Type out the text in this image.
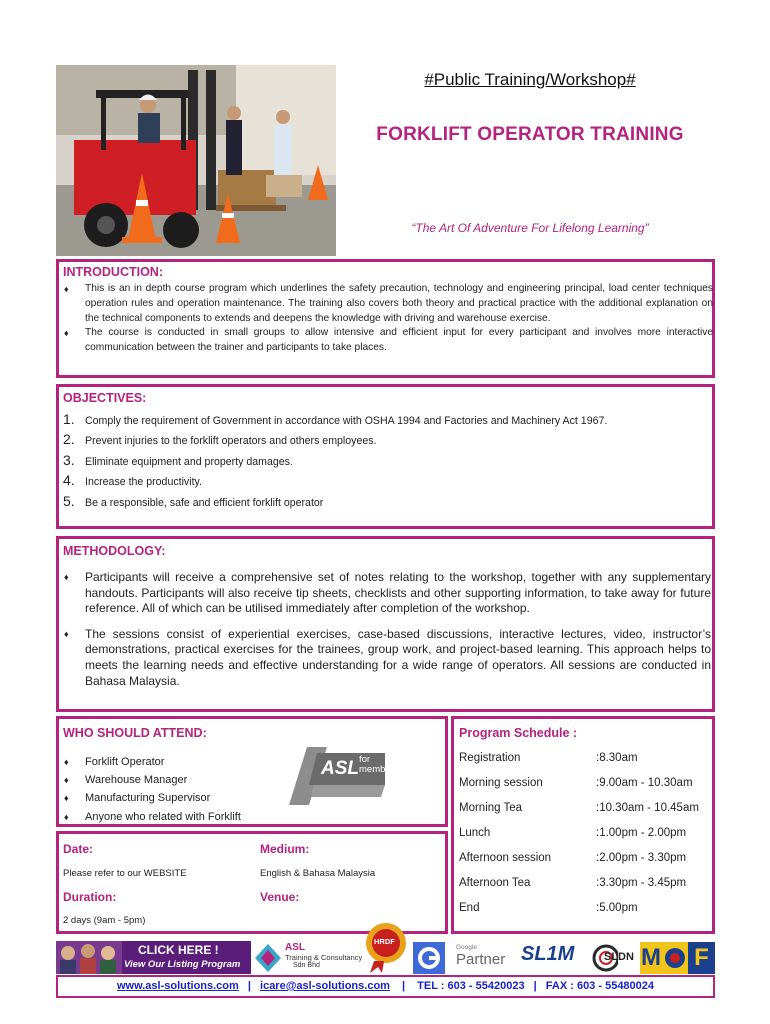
#Public Training/Workshop#
FORKLIFT OPERATOR TRAINING
“The Art Of Adventure For Lifelong Learning”
INTRODUCTION:
♦ This is an in depth course program which underlines the safety precaution, technology and engineering principal, load center techniques operation rules and operation maintenance. The training also covers both theory and practical practice with the additional explanation on the technical components to extends and deepens the knowledge with driving and warehouse exercise.
♦ The course is conducted in small groups to allow intensive and efficient input for every participant and involves more interactive communication between the trainer and participants to take places.
OBJECTIVES:
1. Comply the requirement of Government in accordance with OSHA 1994 and Factories and Machinery Act 1967.
2. Prevent injuries to the forklift operators and others employees.
3. Eliminate equipment and property damages.
4. Increase the productivity.
5. Be a responsible, safe and efficient forklift operator
METHODOLOGY:
♦ Participants will receive a comprehensive set of notes relating to the workshop, together with any supplementary handouts. Participants will also receive tip sheets, checklists and other supporting information, to take away for future reference. All of which can be utilised immediately after completion of the workshop.
♦ The sessions consist of experiential exercises, case-based discussions, interactive lectures, video, instructor’s demonstrations, practical exercises for the trainees, group work, and project-based learning. This approach helps to meets the learning needs and effective understanding for a wide range of operators. All sessions are conducted in Bahasa Malaysia.
WHO SHOULD ATTEND:
♦ Forklift Operator
♦ Warehouse Manager
♦ Manufacturing Supervisor
♦ Anyone who related with Forklift
ASL for members
Date:
Please refer to our WEBSITE
Medium:
English & Bahasa Malaysia
Duration:
2 days (9am - 5pm)
Venue:
Program Schedule :
Registration	:8.30am
Morning session	:9.00am - 10.30am
Morning Tea	:10.30am - 10.45am
Lunch	:1.00pm - 2.00pm
Afternoon session	:2.00pm - 3.30pm
Afternoon Tea	:3.30pm - 3.45pm
End	:5.00pm
CLICK HERE !
View Our Listing Program
ASL
Training & Consultancy
Sdn Bhd
HRDF
Google
Partner SL1M	SLDN M F
www.asl-solutions.com | icare@asl-solutions.com | TEL : 603 - 55420023 | FAX : 603 - 55480024
